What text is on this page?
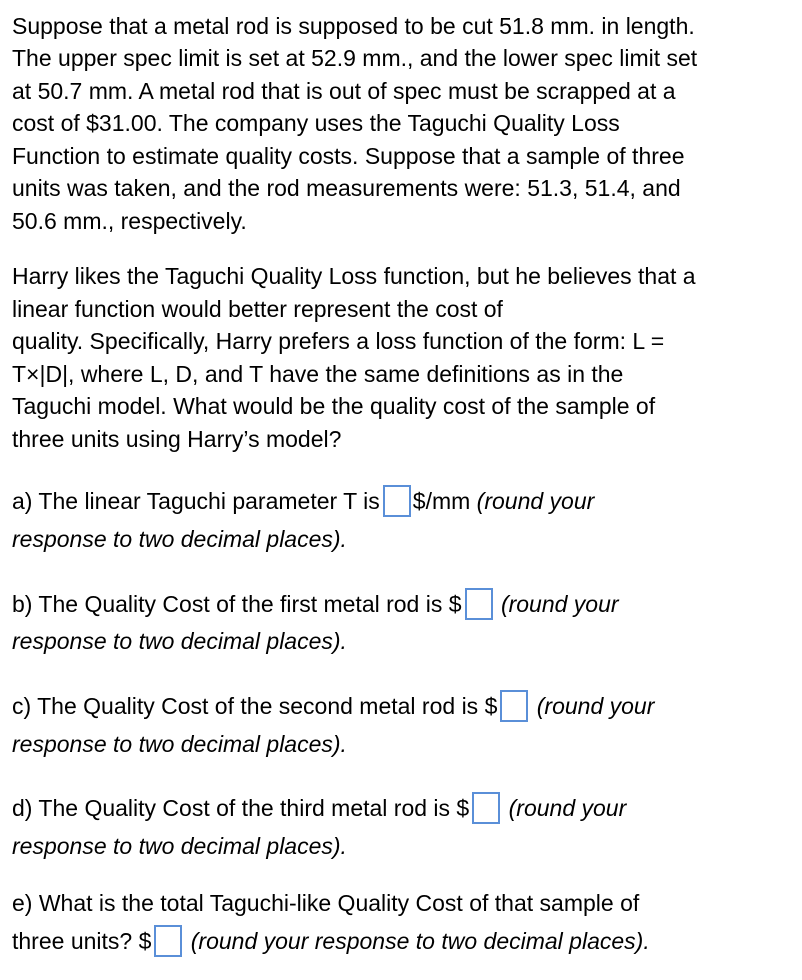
Suppose that a metal rod is supposed to be cut 51.8 mm. in length.
The upper spec limit is set at 52.9 mm., and the lower spec limit set
at 50.7 mm. A metal rod that is out of spec must be scrapped at a
cost of $31.00. The company uses the Taguchi Quality Loss
Function to estimate quality costs. Suppose that a sample of three
units was taken, and the rod measurements were: 51.3, 51.4, and
50.6 mm., respectively.
Harry likes the Taguchi Quality Loss function, but he believes that a
linear function would better represent the cost of
quality. Specifically, Harry prefers a loss function of the form: L =
T×|D|, where L, D, and T have the same definitions as in the
Taguchi model. What would be the quality cost of the sample of
three units using Harry’s model?
a) The linear Taguchi parameter T is $/mm (round your
response to two decimal places).
b) The Quality Cost of the first metal rod is $ (round your
response to two decimal places).
c) The Quality Cost of the second metal rod is $ (round your
response to two decimal places).
d) The Quality Cost of the third metal rod is $ (round your
response to two decimal places).
e) What is the total Taguchi-like Quality Cost of that sample of
three units? $ (round your response to two decimal places).
